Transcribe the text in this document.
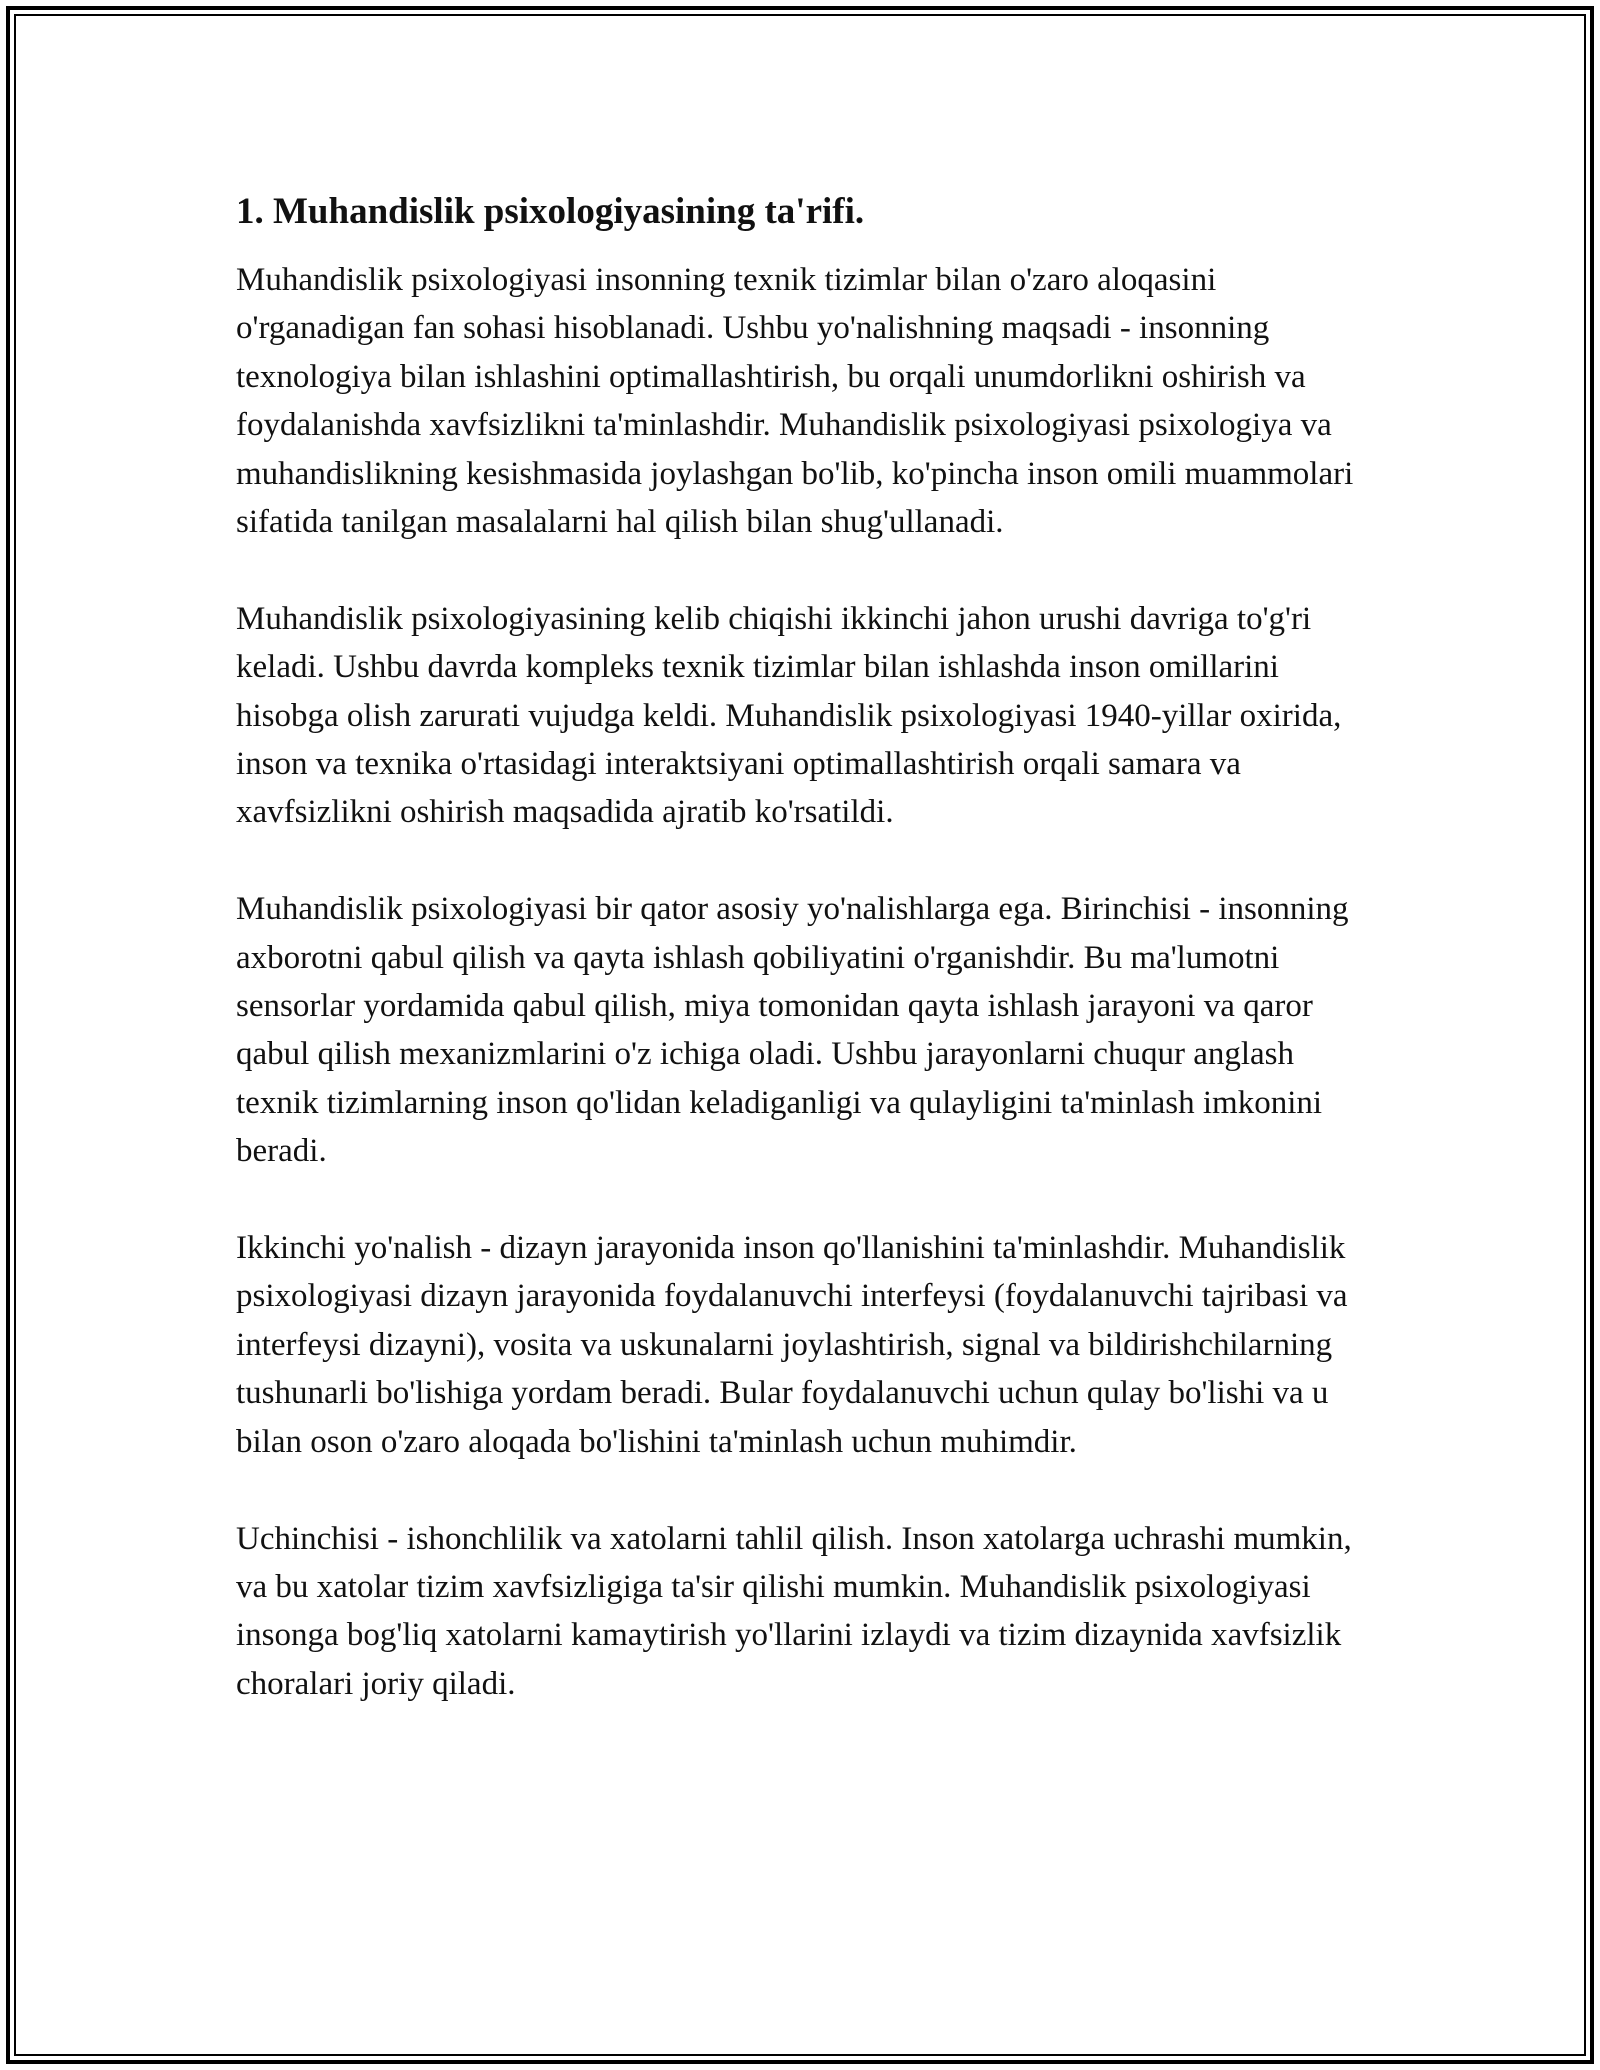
1. Muhandislik psixologiyasining ta'rifi.

Muhandislik psixologiyasi insonning texnik tizimlar bilan o'zaro aloqasini o'rganadigan fan sohasi hisoblanadi. Ushbu yo'nalishning maqsadi - insonning texnologiya bilan ishlashini optimallashtirish, bu orqali unumdorlikni oshirish va foydalanishda xavfsizlikni ta'minlashdir. Muhandislik psixologiyasi psixologiya va muhandislikning kesishmasida joylashgan bo'lib, ko'pincha inson omili muammolari sifatida tanilgan masalalarni hal qilish bilan shug'ullanadi.

Muhandislik psixologiyasining kelib chiqishi ikkinchi jahon urushi davriga to'g'ri keladi. Ushbu davrda kompleks texnik tizimlar bilan ishlashda inson omillarini hisobga olish zarurati vujudga keldi. Muhandislik psixologiyasi 1940-yillar oxirida, inson va texnika o'rtasidagi interaktsiyani optimallashtirish orqali samara va xavfsizlikni oshirish maqsadida ajratib ko'rsatildi.

Muhandislik psixologiyasi bir qator asosiy yo'nalishlarga ega. Birinchisi - insonning axborotni qabul qilish va qayta ishlash qobiliyatini o'rganishdir. Bu ma'lumotni sensorlar yordamida qabul qilish, miya tomonidan qayta ishlash jarayoni va qaror qabul qilish mexanizmlarini o'z ichiga oladi. Ushbu jarayonlarni chuqur anglash texnik tizimlarning inson qo'lidan keladiganligi va qulayligini ta'minlash imkonini beradi.

Ikkinchi yo'nalish - dizayn jarayonida inson qo'llanishini ta'minlashdir. Muhandislik psixologiyasi dizayn jarayonida foydalanuvchi interfeysi (foydalanuvchi tajribasi va interfeysi dizayni), vosita va uskunalarni joylashtirish, signal va bildirishchilarning tushunarli bo'lishiga yordam beradi. Bular foydalanuvchi uchun qulay bo'lishi va u bilan oson o'zaro aloqada bo'lishini ta'minlash uchun muhimdir.

Uchinchisi - ishonchlilik va xatolarni tahlil qilish. Inson xatolarga uchrashi mumkin, va bu xatolar tizim xavfsizligiga ta'sir qilishi mumkin. Muhandislik psixologiyasi insonga bog'liq xatolarni kamaytirish yo'llarini izlaydi va tizim dizaynida xavfsizlik choralari joriy qiladi.
